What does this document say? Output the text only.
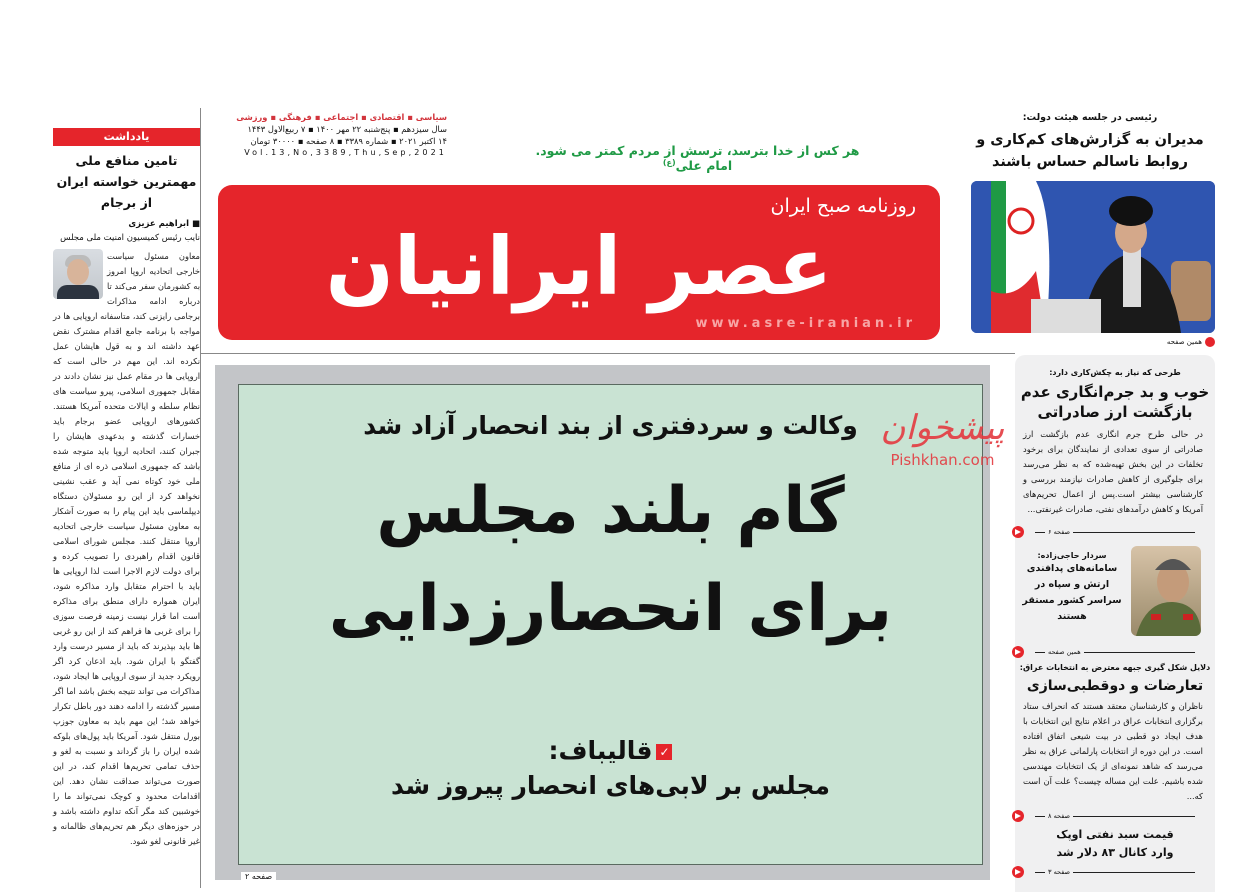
یادداشت
تامین منافع ملی مهمترین خواسته ایران از برجام
■ ابراهیم عزیزی
نایب رئیس کمیسیون امنیت ملی مجلس
معاون مسئول سیاست خارجی اتحادیه اروپا امروز به کشورمان سفر می‌کند تا درباره ادامه مذاکرات برجامی رایزنی کند، متاسفانه اروپایی ها در مواجه با برنامه جامع اقدام مشترک نقض عهد داشته اند و به قول هایشان عمل نکرده اند. این مهم در حالی است که اروپایی ها در مقام عمل نیز نشان دادند در مقابل جمهوری اسلامی، پیرو سیاست های نظام سلطه و ایالات متحده آمریکا هستند. کشورهای اروپایی عضو برجام باید خسارات گذشته و بدعهدی هایشان را جبران کنند، اتحادیه اروپا باید متوجه شده باشد که جمهوری اسلامی ذره ای از منافع ملی خود کوتاه نمی آید و عقب نشینی نخواهد کرد از این رو مسئولان دستگاه دیپلماسی باید این پیام را به صورت آشکار به معاون مسئول سیاست خارجی اتحادیه اروپا منتقل کنند. مجلس شورای اسلامی قانون اقدام راهبردی را تصویب کرده و برای دولت لازم الاجرا است لذا اروپایی ها باید با احترام متقابل وارد مذاکره شود، ایران همواره دارای منطق برای مذاکره است اما قرار نیست زمینه فرصت سوزی را برای غربی ها فراهم کند از این رو غربی ها باید بپذیرند که باید از مسیر درست وارد گفتگو با ایران شود. باید اذعان کرد اگر رویکرد جدید از سوی اروپایی ها ایجاد شود، مذاکرات می تواند نتیجه بخش باشد اما اگر مسیر گذشته را ادامه دهند دور باطل تکرار خواهد شد؛ این مهم باید به معاون جوزپ بورل منتقل شود. آمریکا باید پول‌های بلوکه شده ایران را باز گرداند و نسبت به لغو و حذف تمامی تحریم‌ها اقدام کند، در این صورت می‌تواند صداقت نشان دهد. این اقدامات محدود و کوچک نمی‌تواند ما را خوشبین کند مگر آنکه تداوم داشته باشد و در حوزه‌های دیگر هم تحریم‌های ظالمانه و غیر قانونی لغو شود.
سیاسی ▪ اقتصادی ▪ اجتماعی ▪ فرهنگی ▪ ورزشی
سال سیزدهم ▪ پنج‌شنبه ۲۲ مهر ۱۴۰۰ ▪ ۷ ربیع‌الاول ۱۴۴۳
۱۴ اکتبر ۲۰۲۱ ▪ شماره ۳۳۸۹ ▪ ۸ صفحه ▪ ۳۰۰۰۰ تومان
Vol.13,No,3389,Thu,Sep,2021	هر کس از خدا بترسد، ترسش از مردم کمتر می شود. امام علی$^{(ع)}$
روزنامه صبح ایران
عصر ایرانیان
www.asre-iranian.ir
وکالت و سردفتری از بند انحصار آزاد شد
گام بلند مجلس
برای انحصارزدایی
✓قالیباف:
مجلس بر لابی‌های انحصار پیروز شد
صفحه ۲
پیشخوان
Pishkhan.com
رئیسی در جلسه هیئت دولت:
مدیران به گزارش‌های کم‌کاری و روابط ناسالم حساس باشند
همین صفحه
طرحی که نیاز به چکش‌کاری دارد:
خوب و بد جرم‌انگاری عدم بازگشت ارز صادراتی
در حالی طرح جرم انگاری عدم بازگشت ارز صادراتی از سوی تعدادی از نمایندگان برای برخود تخلفات در این بخش تهیه‌شده که به نظر می‌رسد برای جلوگیری از کاهش صادرات نیازمند بررسی و کارشناسی بیشتر است.پس از اعمال تحریم‌های آمریکا و کاهش درآمدهای نفتی، صادرات غیرنفتی...
صفحه ۶
سردار حاجی‌زاده:
سامانه‌های پدافندی ارتش و سپاه در سراسر کشور مستقر هستند
همین صفحه
دلایل شکل گیری جبهه معترض به انتخابات عراق:
تعارضات و دوقطبی‌سازی
ناظران و کارشناسان معتقد هستند که انحراف ستاد برگزاری انتخابات عراق در اعلام نتایج این انتخابات با هدف ایجاد دو قطبی در بیت شیعی اتفاق افتاده است. در این دوره از انتخابات پارلمانی عراق به نظر می‌رسد که شاهد نمونه‌ای از یک انتخابات مهندسی شده باشیم. علت این مساله چیست؟ علت آن است که...
صفحه ۸
قیمت سبد نفتی اوپک وارد کانال ۸۳ دلار شد
صفحه ۳
